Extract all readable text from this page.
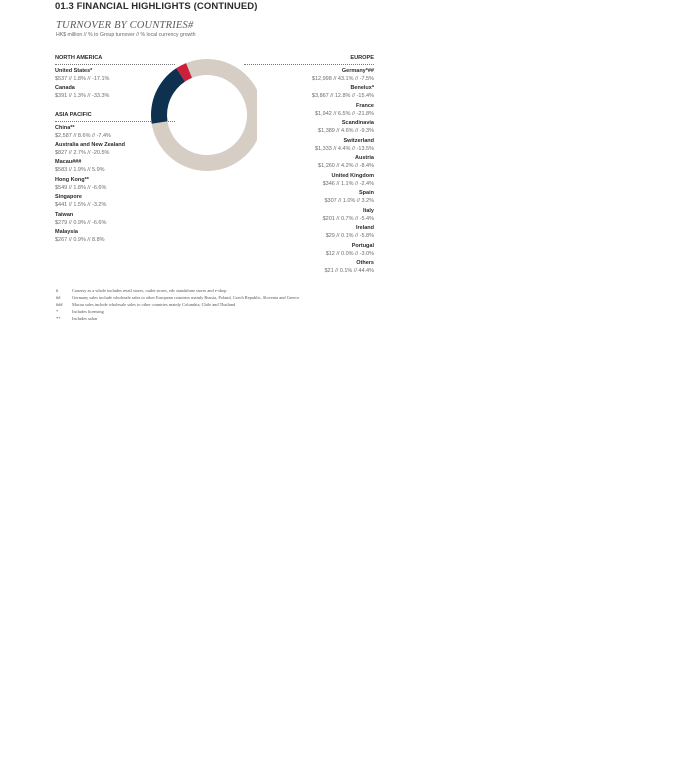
01.3 FINANCIAL HIGHLIGHTS (CONTINUED)
TURNOVER BY COUNTRIES#
HK$ million // % to Group turnover // % local currency growth
NORTH AMERICA
United States*
$537 // 1.8% // -17.1%
Canada
$391 // 1.3% // -33.3%
ASIA PACIFIC
China**
$2,587 // 8.6% // -7.4%
Australia and New Zealand
$827 // 2.7% // -20.5%
Macau###
$583 // 1.9% // 5.9%
Hong Kong**
$549 // 1.8% // -6.6%
Singapore
$441 // 1.5% // -3.2%
Taiwan
$279 // 0.9% // -6.6%
Malaysia
$267 // 0.9% // 8.8%
EUROPE
Germany*##
$12,998 // 43.1% // -7.5%
Benelux*
$3,867 // 12.8% // -15.4%
France
$1,942 // 6.5% // -21.8%
Scandinavia
$1,389 // 4.6% // -9.3%
Switzerland
$1,333 // 4.4% // -13.5%
Austria
$1,260 // 4.2% // -8.4%
United Kingdom
$346 // 1.1% // -2.4%
Spain
$307 // 1.0% // 3.2%
Italy
$201 // 0.7% // -5.4%
Ireland
$29 // 0.1% // -5.8%
Portugal
$12 // 0.0% // -3.0%
Others
$21 // 0.1% // 44.4%
#	Country as a whole includes retail stores, outlet stores, edc standalone stores and e-shop
##	Germany sales include wholesale sales to other European countries mainly Russia, Poland, Czech Republic, Slovenia and Greece
### Macau sales include wholesale sales to other countries mainly Columbia, Chile and Thailand
*	Includes licensing
**	Includes salon
